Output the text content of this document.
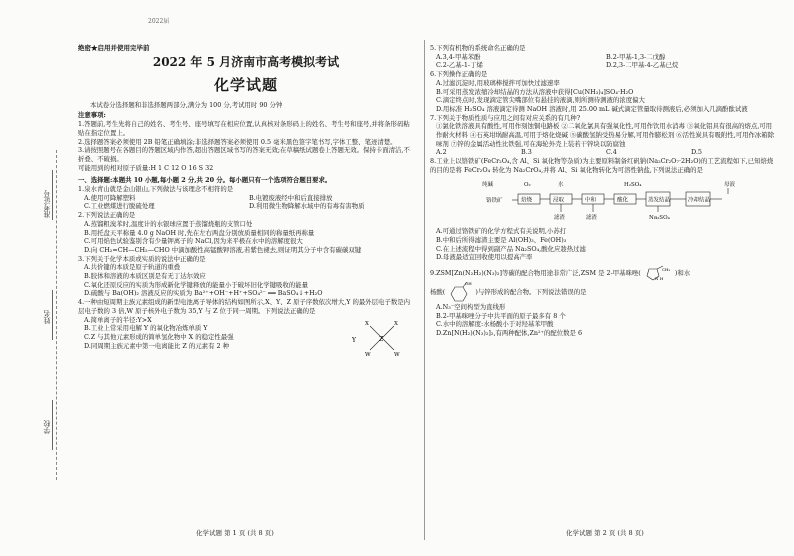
2022届
准考证号
姓名
学校
绝密★启用并使用完毕前
2022 年 5 月济南市高考模拟考试
化学试题
本试卷分选择题和非选择题两部分,满分为 100 分,考试用时 90 分钟
注意事项:
1.答题前,考生先将自己的姓名、考生号、座号填写在相应位置,认真核对条形码上的姓名、考生号和座号,并将条形码粘贴在指定位置上。
2.选择题答案必须使用 2B 铅笔正确填涂;非选择题答案必须使用 0.5 毫米黑色签字笔书写,字体工整、笔迹清楚。
3.请按照题号在各题目的答题区域内作答,超出答题区域书写的答案无效;在草稿纸试题卷上答题无效。保持卡面清洁,不折叠、不破损。
可能用到的相对原子质量:H 1 C 12 O 16 S 32
一、选择题:本题共 10 小题,每小题 2 分,共 20 分。每小题只有一个选项符合题目要求。
1.泉水青山就是金山银山,下列做法与该理念不相符的是
A.使用可降解塑料	B.电镀废液经中和后直接排放
C.工业燃煤进行脱硫处理	D.利用微生物降解水域中的有毒有害物质
2.下列说法正确的是
A.蒸馏粗溴苯时,温度计的水银球应置于蒸馏烧瓶的支管口处
B.用托盘天平称量 4.0 g NaOH 时,先在左右两盘分别放质量相同的称量纸再称量
C.可用焰色试验鉴别含有少量钾离子的 NaCl,因为来平极在水中的溶解度很大
D.向 CH₂=CH—CH₂—CHO 中滴加酸性高锰酸钾溶液,若紫色褪去,则证明其分子中含有碳碳双键
3.下列关于化学本质或实质的说法中正确的是
A.共价键的本质是原子轨道的重叠
B.胶体和溶液的本质区别是有无丁达尔效应
C.氧化还原反应的实质为形成新化学键释放的能量小于破坏旧化学键吸收的能量
D.硫酸与 Ba(OH)₂ 溶液反应的实质为 Ba²⁺+OH⁻+H⁺+SO₄²⁻ ══ BaSO₄↓+H₂O
4.一种由短周期主族元素组成的新型电池离子导体的结构如图所示,X、Y、Z 原子序数依次增大,Y 的最外层电子数是内层电子数的 3 倍,W 原子核外电子数为 35,Y 与 Z 位于同一周期。下列说法正确的是
A.简单离子的半径:Y>X
B.工业上常采用电解 Y 的氧化物冶炼单质 Y
C.Z 与其他元素形成的简单氢化物中 X 的稳定性最强
D.同周期主族元素中第一电离能比 Z 的元素有 2 种
Y	Z
X	X
W	W
5.下列有机物的系统命名正确的是
A.3,4-甲基苯酚	B.2-甲基-1,3-二戊醇
C.2-乙基-1-丁烯	D.2,3-二甲基-4-乙基已烷
6.下列操作正确的是
A.过滤沉淀时,用玻璃棒搅拌可加快过滤速率
B.可采用蒸发浓缩冷却结晶的方法从溶液中获得[Cu(NH₃)₄]SO₄·H₂O
C.滴定终点时,发现滴定管尖嘴部位有悬挂的液滴,则所测待测液的浓度偏大
D.用标准 H₂SO₄ 溶液滴定待测 NaOH 溶液时,用 25.00 mL 碱式滴定管量取待测液后,必须加入几滴酚酞试液
7.下列关于物质性质与应用之间有对应关系的有几种?
①氯化铁溶液具有酸性,可用作刻蚀铜电路板 ②二氧化氯具有强氧化性,可用作饮用水消毒 ③氧化铝具有很高的熔点,可用作耐火材料 ④石英坩埚耐高温,可用于熔化烧碱 ⑤碳酸氢钠受热易分解,可用作膨松剂 ⑥活性炭具有吸附性,可用作冰箱除味剂 ⑦锌的金属活动性比铁强,可在海轮外壳上装若干锌块以防腐蚀
A.2	B.3	C.4	D.5
8.工业上以铬铁矿(FeCr₂O₄,含 Al、Si 氧化物等杂质)为主要原料制备红矾钠(Na₂Cr₂O₇·2H₂O)的工艺流程如下,已知焙烧的目的是将 FeCr₂O₄ 转化为 Na₂CrO₄,并将 Al、Si 氧化物转化为可溶性钠盐,下列说法正确的是
纯碱	O₂	水	H₂SO₄	母液
铬铁矿	焙烧	浸取	中和	酸化	蒸发结晶	冷却结晶
滤渣	滤渣	Na₂SO₄
A.可通过铬铁矿的化学方程式有关说明,小苏打
B.中和后所得滤渣主要是 Al(OH)₃、Fe(OH)₃
C.在上述流程中得到副产品 Na₂SO₄,酸化应趁热过滤
D.母液最适宜回收使用以提高产率
9.ZSM[Zn(N₂H₂)(N₃)₂]等碳的配合物用途非常广泛,ZSM 是 2-甲基咪唑(	CH₃
N H
)和水
杨酸(
OH
)与锌形成的配合物。下列说法错误的是
A.N₃⁻空间构型为直线形
B.2-甲基咪唑分子中共平面的原子最多有 8 个
C.水中的溶解度:水杨酸小于对羟基苯甲酸
D.Zn[N(H₂)(N₃)₂]₂,有两种配体,Zn²⁺的配位数是 6
化学试题 第 1 页 (共 8 页)	化学试题 第 2 页 (共 8 页)
